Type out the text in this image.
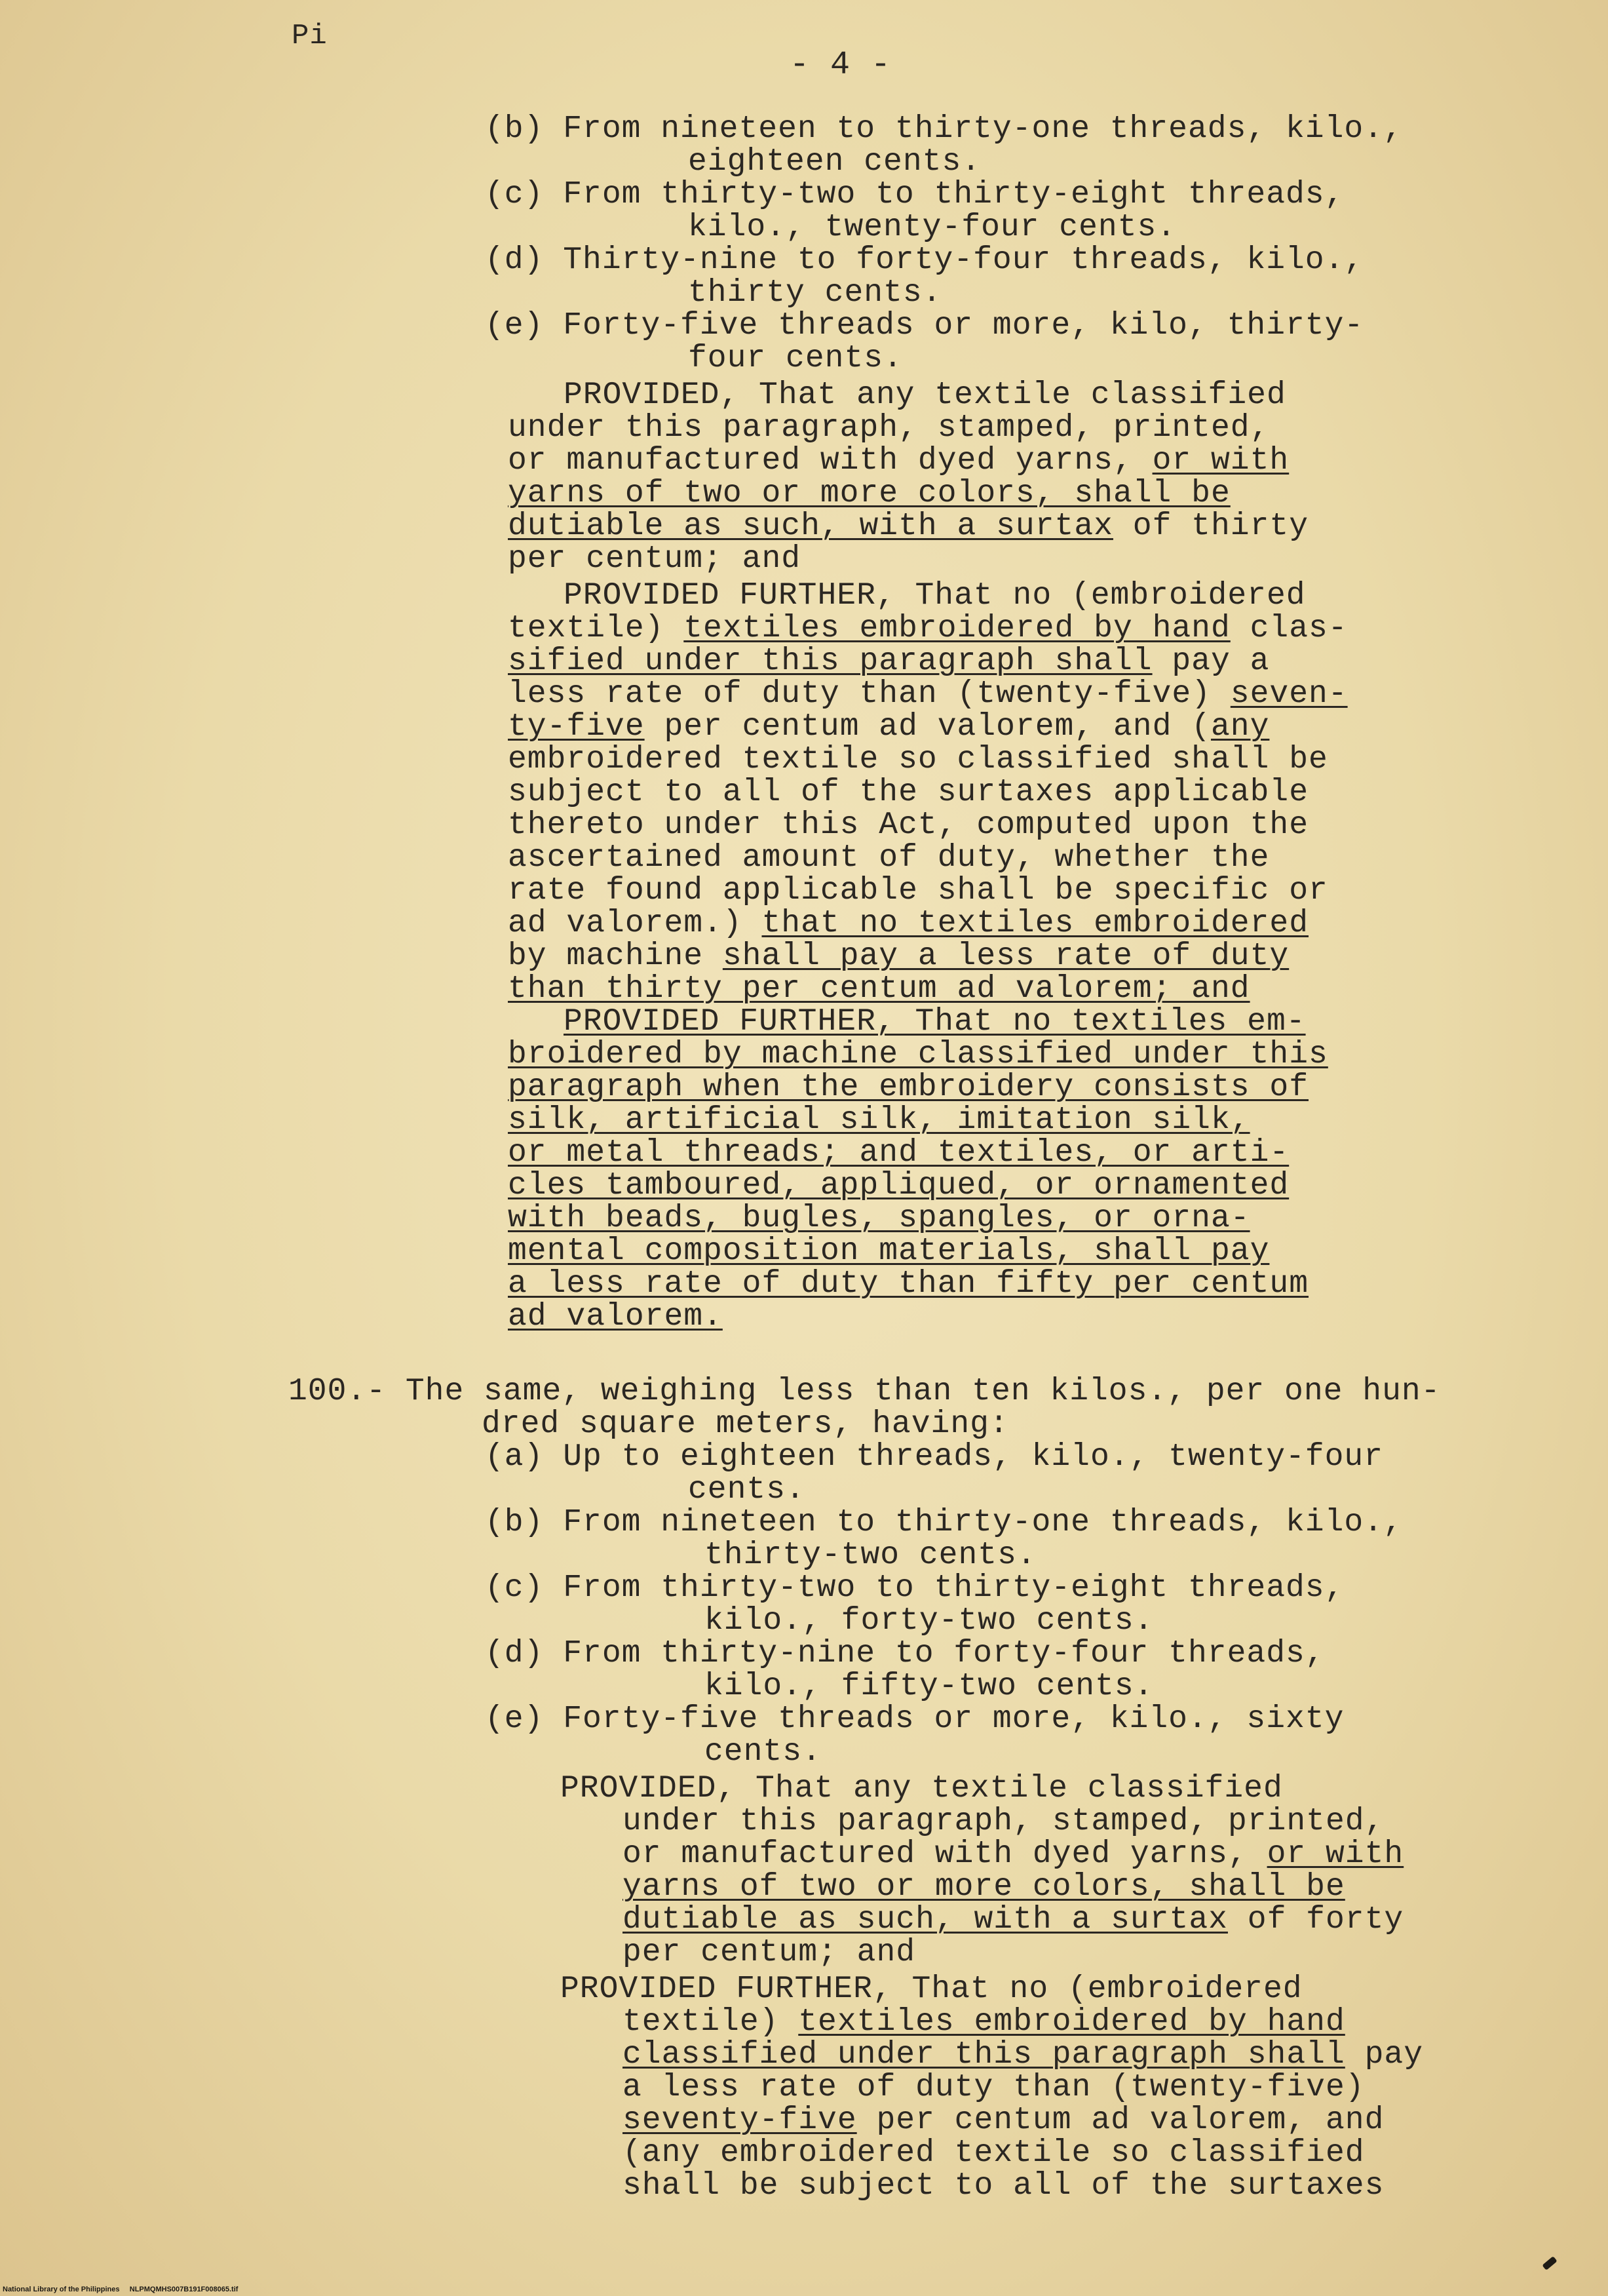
Pi
- 4 -
(b) From nineteen to thirty-one threads, kilo.,
eighteen cents.
(c) From thirty-two to thirty-eight threads,
kilo., twenty-four cents.
(d) Thirty-nine to forty-four threads, kilo.,
thirty cents.
(e) Forty-five threads or more, kilo, thirty-
four cents.
PROVIDED, That any textile classified
under this paragraph, stamped, printed,
or manufactured with dyed yarns, or with
yarns of two or more colors, shall be
dutiable as such, with a surtax of thirty
per centum; and
PROVIDED FURTHER, That no (embroidered
textile) textiles embroidered by hand clas-
sified under this paragraph shall pay a
less rate of duty than (twenty-five) seven-
ty-five per centum ad valorem, and (any
embroidered textile so classified shall be
subject to all of the surtaxes applicable
thereto under this Act, computed upon the
ascertained amount of duty, whether the
rate found applicable shall be specific or
ad valorem.) that no textiles embroidered
by machine shall pay a less rate of duty
than thirty per centum ad valorem; and
PROVIDED FURTHER, That no textiles em-
broidered by machine classified under this
paragraph when the embroidery consists of
silk, artificial silk, imitation silk,
or metal threads; and textiles, or arti-
cles tamboured, appliqued, or ornamented
with beads, bugles, spangles, or orna-
mental composition materials, shall pay
a less rate of duty than fifty per centum
ad valorem.
100.- The same, weighing less than ten kilos., per one hun-
dred square meters, having:
(a) Up to eighteen threads, kilo., twenty-four
cents.
(b) From nineteen to thirty-one threads, kilo.,
thirty-two cents.
(c) From thirty-two to thirty-eight threads,
kilo., forty-two cents.
(d) From thirty-nine to forty-four threads,
kilo., fifty-two cents.
(e) Forty-five threads or more, kilo., sixty
cents.
PROVIDED, That any textile classified
under this paragraph, stamped, printed,
or manufactured with dyed yarns, or with
yarns of two or more colors, shall be
dutiable as such, with a surtax of forty
per centum; and
PROVIDED FURTHER, That no (embroidered
textile) textiles embroidered by hand
classified under this paragraph shall pay
a less rate of duty than (twenty-five)
seventy-five per centum ad valorem, and
(any embroidered textile so classified
shall be subject to all of the surtaxes
National Library of the Philippines     NLPMQMHS007B191F008065.tif
